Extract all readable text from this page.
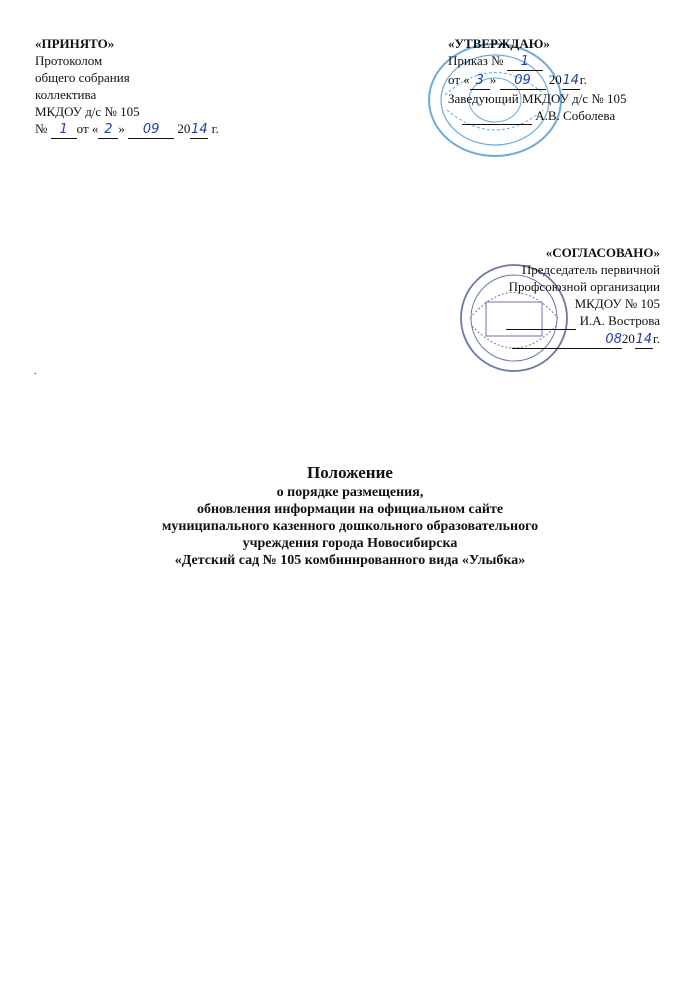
«ПРИНЯТО»
Протоколом
общего собрания
коллектива
МКДОУ д/с № 105
№ 1 от « 2 » 09 2014 г.
«УТВЕРЖДАЮ»
Приказ № 1
от « 3 » 09 2014г.
Заведующий МКДОУ д/с № 105
А.В. Соболева
«СОГЛАСОВАНО»
Председатель первичной
Профсоюзной организации
МКДОУ № 105
И.А. Вострова
082014г.
.
Положение
о порядке размещения,
обновления информации на официальном сайте
муниципального казенного дошкольного образовательного
учреждения города Новосибирска
«Детский сад № 105 комбинированного вида «Улыбка»
